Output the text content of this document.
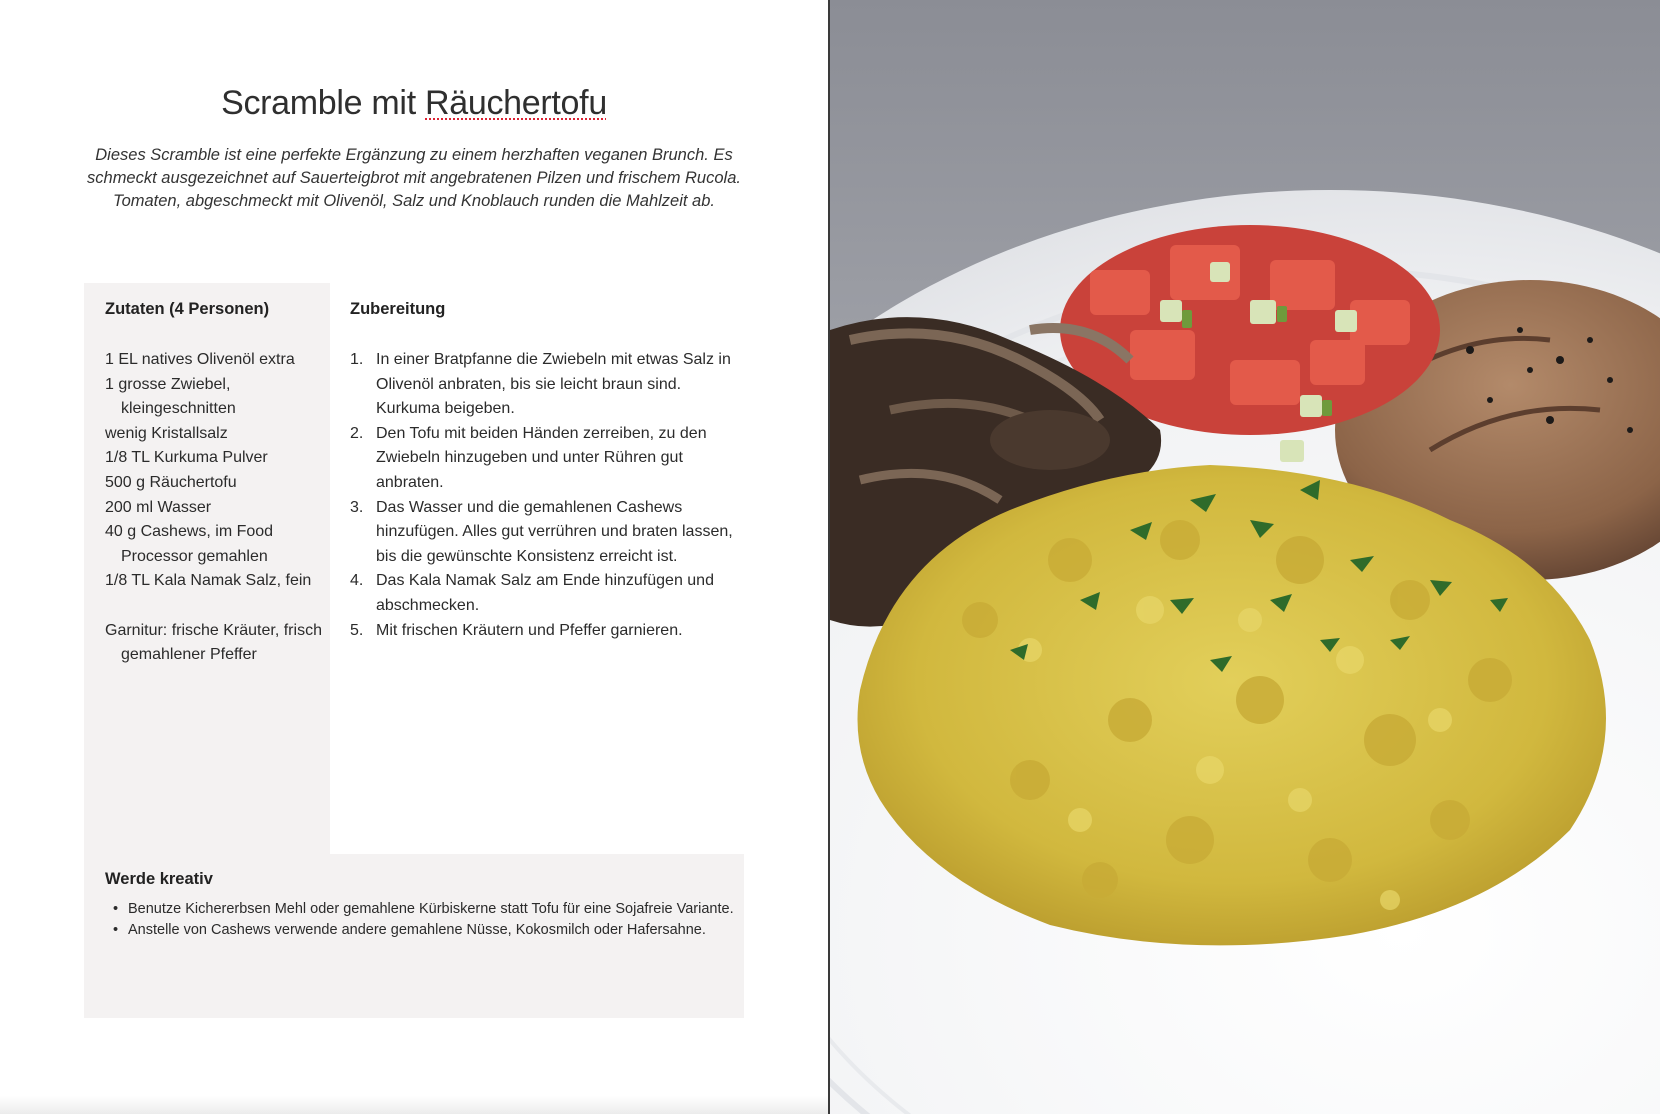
Scramble mit Räuchertofu

Dieses Scramble ist eine perfekte Ergänzung zu einem herzhaften veganen Brunch. Es
schmeckt ausgezeichnet auf Sauerteigbrot mit angebratenen Pilzen und frischem Rucola.
Tomaten, abgeschmeckt mit Olivenöl, Salz und Knoblauch runden die Mahlzeit ab.

Zutaten (4 Personen)
1 EL natives Olivenöl extra
1 grosse Zwiebel, kleingeschnitten
wenig Kristallsalz
1/8 TL Kurkuma Pulver
500 g Räuchertofu
200 ml Wasser
40 g Cashews, im Food Processor gemahlen
1/8 TL Kala Namak Salz, fein
Garnitur: frische Kräuter, frisch gemahlener Pfeffer
Zubereitung
1. In einer Bratpfanne die Zwiebeln mit etwas Salz in Olivenöl anbraten, bis sie leicht braun sind. Kurkuma beigeben.
2. Den Tofu mit beiden Händen zerreiben, zu den Zwiebeln hinzugeben und unter Rühren gut anbraten.
3. Das Wasser und die gemahlenen Cashews hinzufügen. Alles gut verrühren und braten lassen, bis die gewünschte Konsistenz erreicht ist.
4. Das Kala Namak Salz am Ende hinzufügen und abschmecken.
5. Mit frischen Kräutern und Pfeffer garnieren.
Werde kreativ
• Benutze Kichererbsen Mehl oder gemahlene Kürbiskerne statt Tofu für eine Sojafreie Variante.
• Anstelle von Cashews verwende andere gemahlene Nüsse, Kokosmilch oder Hafersahne.
